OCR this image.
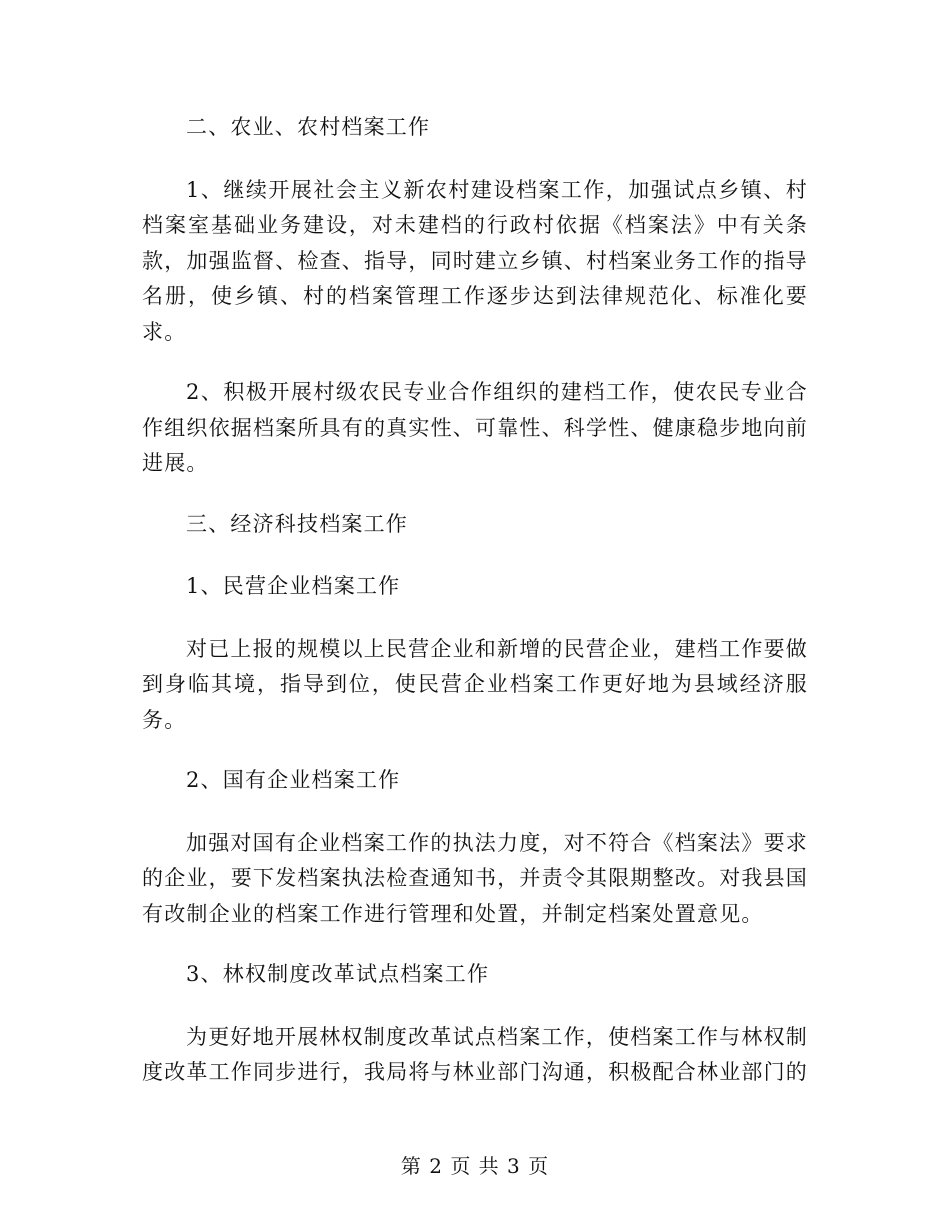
二、农业、农村档案工作

1、继续开展社会主义新农村建设档案工作，加强试点乡镇、村档案室基础业务建设，对未建档的行政村依据《档案法》中有关条款，加强监督、检查、指导，同时建立乡镇、村档案业务工作的指导名册，使乡镇、村的档案管理工作逐步达到法律规范化、标准化要求。

2、积极开展村级农民专业合作组织的建档工作，使农民专业合作组织依据档案所具有的真实性、可靠性、科学性、健康稳步地向前进展。

三、经济科技档案工作

1、民营企业档案工作

对已上报的规模以上民营企业和新增的民营企业，建档工作要做到身临其境，指导到位，使民营企业档案工作更好地为县域经济服务。

2、国有企业档案工作

加强对国有企业档案工作的执法力度，对不符合《档案法》要求的企业，要下发档案执法检查通知书，并责令其限期整改。对我县国有改制企业的档案工作进行管理和处置，并制定档案处置意见。

3、林权制度改革试点档案工作

为更好地开展林权制度改革试点档案工作，使档案工作与林权制度改革工作同步进行，我局将与林业部门沟通，积极配合林业部门的

第 2 页 共 3 页
